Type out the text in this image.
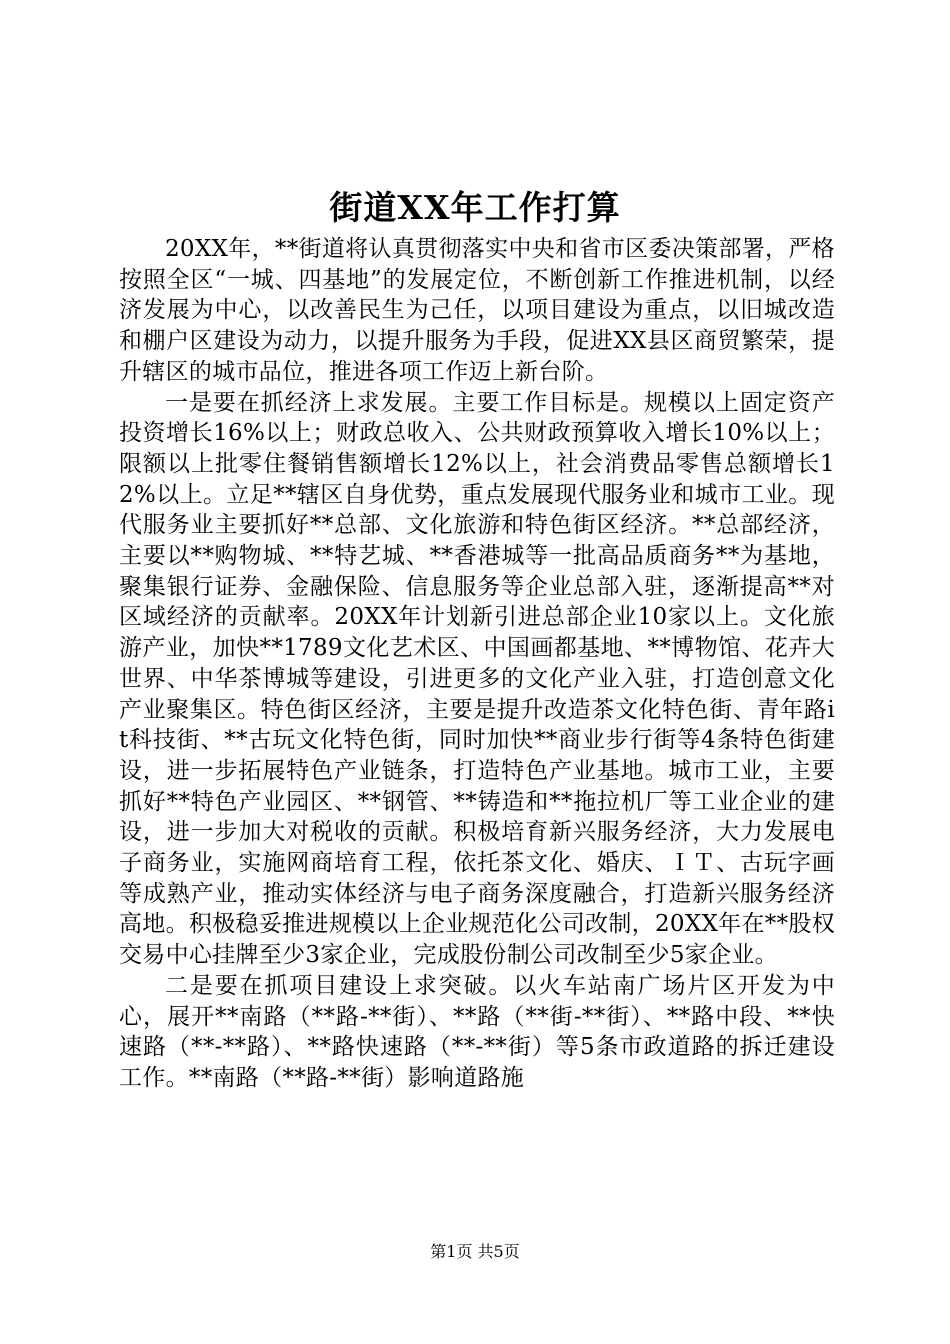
街道XX年工作打算

20XX年，**街道将认真贯彻落实中央和省市区委决策部署，严格按照全区“一城、四基地”的发展定位，不断创新工作推进机制，以经济发展为中心，以改善民生为己任，以项目建设为重点，以旧城改造和棚户区建设为动力，以提升服务为手段，促进XX县区商贸繁荣，提升辖区的城市品位，推进各项工作迈上新台阶。

一是要在抓经济上求发展。主要工作目标是。规模以上固定资产投资增长16%以上；财政总收入、公共财政预算收入增长10%以上；限额以上批零住餐销售额增长12%以上，社会消费品零售总额增长12%以上。立足**辖区自身优势，重点发展现代服务业和城市工业。现代服务业主要抓好**总部、文化旅游和特色街区经济。**总部经济，主要以**购物城、**特艺城、**香港城等一批高品质商务**为基地，聚集银行证券、金融保险、信息服务等企业总部入驻，逐渐提高**对区域经济的贡献率。20XX年计划新引进总部企业10家以上。文化旅游产业，加快**1789文化艺术区、中国画都基地、**博物馆、花卉大世界、中华茶博城等建设，引进更多的文化产业入驻，打造创意文化产业聚集区。特色街区经济，主要是提升改造茶文化特色街、青年路it科技街、**古玩文化特色街，同时加快**商业步行街等4条特色街建设，进一步拓展特色产业链条，打造特色产业基地。城市工业，主要抓好**特色产业园区、**钢管、**铸造和**拖拉机厂等工业企业的建设，进一步加大对税收的贡献。积极培育新兴服务经济，大力发展电子商务业，实施网商培育工程，依托茶文化、婚庆、ＩＴ、古玩字画等成熟产业，推动实体经济与电子商务深度融合，打造新兴服务经济高地。积极稳妥推进规模以上企业规范化公司改制，20XX年在**股权交易中心挂牌至少3家企业，完成股份制公司改制至少5家企业。

二是要在抓项目建设上求突破。以火车站南广场片区开发为中心，展开**南路（**路-**街）、**路（**街-**街）、**路中段、**快速路（**-**路）、**路快速路（**-**街）等5条市政道路的拆迁建设工作。**南路（**路-**街）影响道路施

第1页 共5页
